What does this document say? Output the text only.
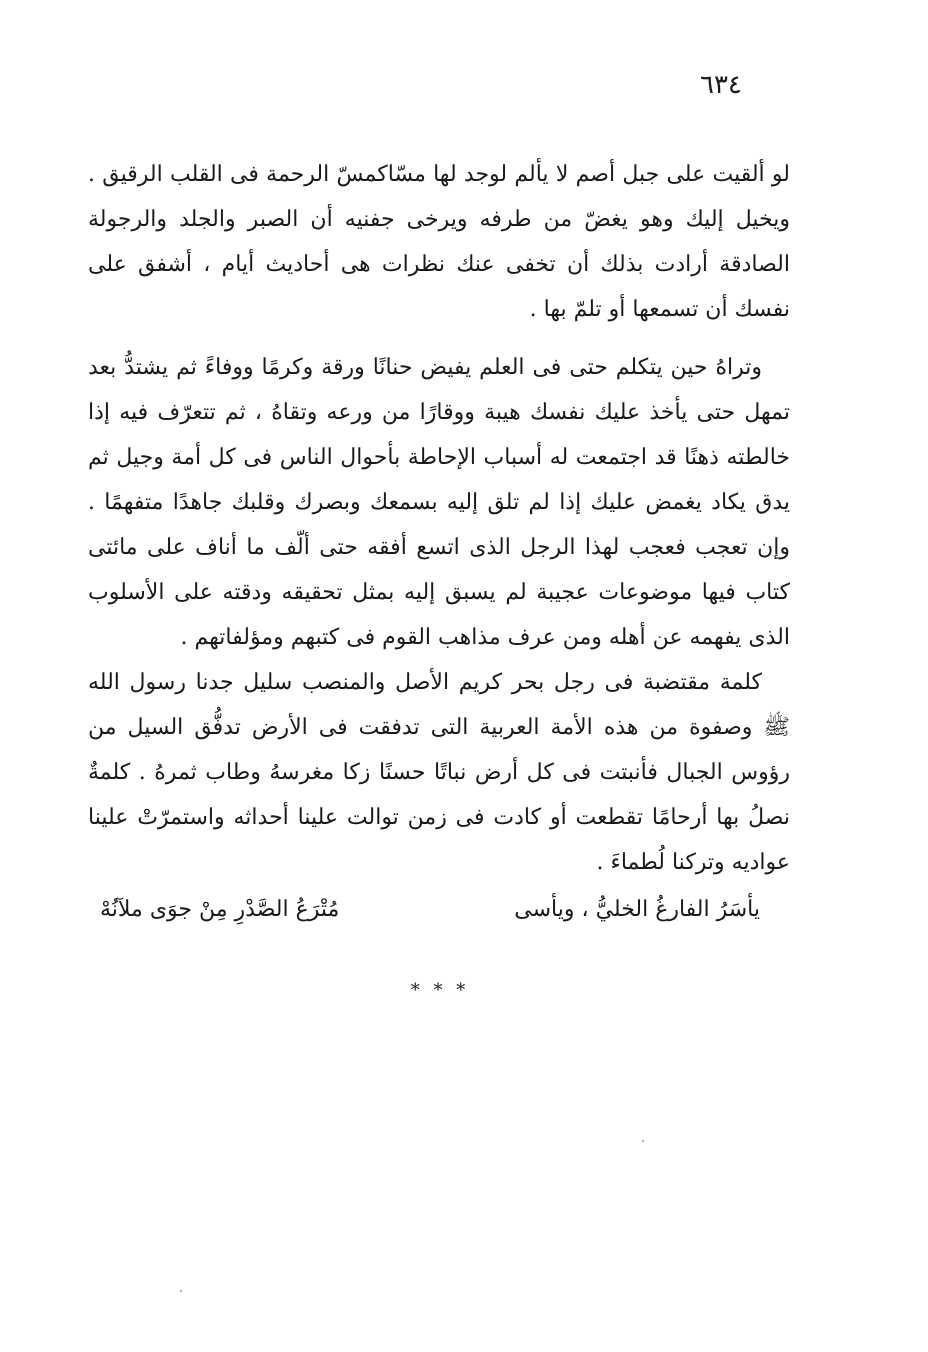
٦٣٤

لو ألقيت على جبل أصم لا يألم لوجد لها مسّاكمسّ الرحمة فى القلب الرقيق . ويخيل إليك وهو يغضّ من طرفه ويرخى جفنيه أن الصبر والجلد والرجولة الصادقة أرادت بذلك أن تخفى عنك نظرات هى أحاديث أيام ، أشفق على نفسك أن تسمعها أو تلمّ بها .

وتراهُ حين يتكلم حتى فى العلم يفيض حنانًا ورقة وكرمًا ووفاءً ثم يشتدُّ بعد تمهل حتى يأخذ عليك نفسك هيبة ووقارًا من ورعه وتقاهُ ، ثم تتعرّف فيه إذا خالطته ذهنًا قد اجتمعت له أسباب الإحاطة بأحوال الناس فى كل أمة وجيل ثم يدق يكاد يغمض عليك إذا لم تلق إليه بسمعك وبصرك وقلبك جاهدًا متفهمًا . وإن تعجب فعجب لهذا الرجل الذى اتسع أفقه حتى ألّف ما أناف على مائتى كتاب فيها موضوعات عجيبة لم يسبق إليه بمثل تحقيقه ودقته على الأسلوب الذى يفهمه عن أهله ومن عرف مذاهب القوم فى كتبهم ومؤلفاتهم .

كلمة مقتضبة فى رجل بحر كريم الأصل والمنصب سليل جدنا رسول الله ﷺ وصفوة من هذه الأمة العربية التى تدفقت فى الأرض تدفُّق السيل من رؤوس الجبال فأنبتت فى كل أرض نباتًا حسنًا زكا مغرسهُ وطاب ثمرهُ . كلمةٌ نصلُ بها أرحامًا تقطعت أو كادت فى زمن توالت علينا أحداثه واستمرّتْ علينا عواديه وتركنا لُطماءَ .

يأسَرُ الفارغُ الخليُّ ، ويأسى
مُتْرَعُ الصَّدْرِ مِنْ جوَى ملآنُهْ
* * *
